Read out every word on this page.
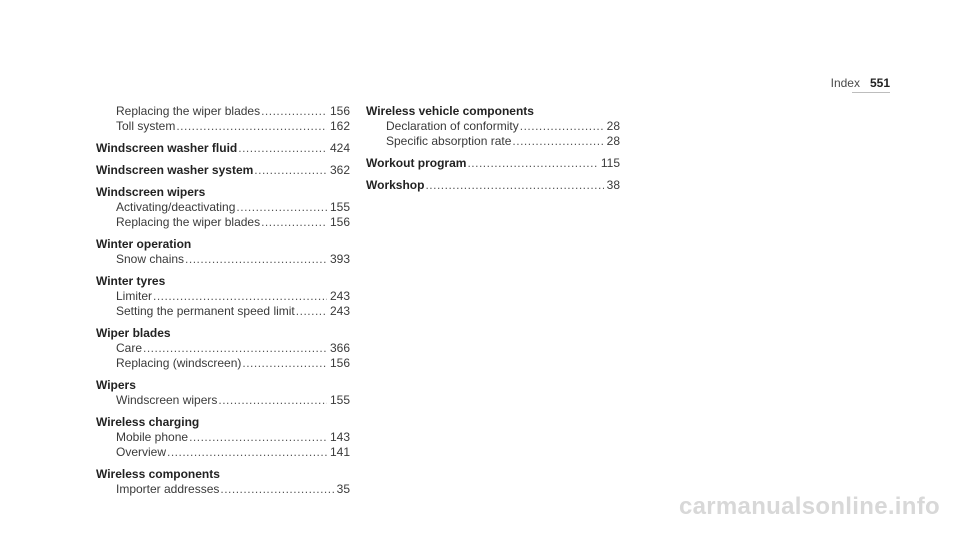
Index 551
Replacing the wiper blades .....	156
Toll system .....	162
Windscreen washer fluid .....	424
Windscreen washer system .....	362
Windscreen wipers
Activating/deactivating .....	155
Replacing the wiper blades .....	156
Winter operation
Snow chains .....	393
Winter tyres
Limiter .....	243
Setting the permanent speed limit .....	243
Wiper blades
Care .....	366
Replacing (windscreen) .....	156
Wipers
Windscreen wipers .....	155
Wireless charging
Mobile phone .....	143
Overview .....	141
Wireless components
Importer addresses .....	35
Wireless vehicle components
Declaration of conformity .....	28
Specific absorption rate .....	28
Workout program .....	115
Workshop .....	38
carmanualsonline.info
